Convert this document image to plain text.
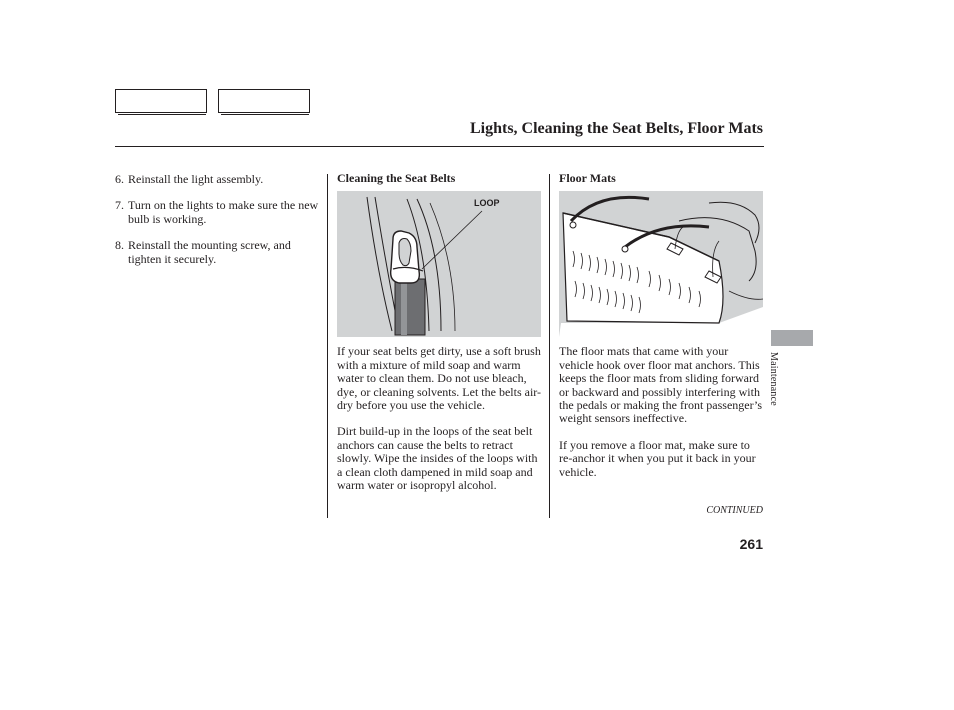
Lights, Cleaning the Seat Belts, Floor Mats
6. Reinstall the light assembly.
7. Turn on the lights to make sure the new bulb is working.
8. Reinstall the mounting screw, and tighten it securely.
Cleaning the Seat Belts
LOOP

If your seat belts get dirty, use a soft brush with a mixture of mild soap and warm water to clean them. Do not use bleach, dye, or cleaning solvents. Let the belts air-dry before you use the vehicle.

Dirt build-up in the loops of the seat belt anchors can cause the belts to retract slowly. Wipe the insides of the loops with a clean cloth dampened in mild soap and warm water or isopropyl alcohol.

Floor Mats

The floor mats that came with your vehicle hook over floor mat anchors. This keeps the floor mats from sliding forward or backward and possibly interfering with the pedals or making the front passenger’s weight sensors ineffective.

If you remove a floor mat, make sure to re-anchor it when you put it back in your vehicle.

CONTINUED
261
Maintenance
